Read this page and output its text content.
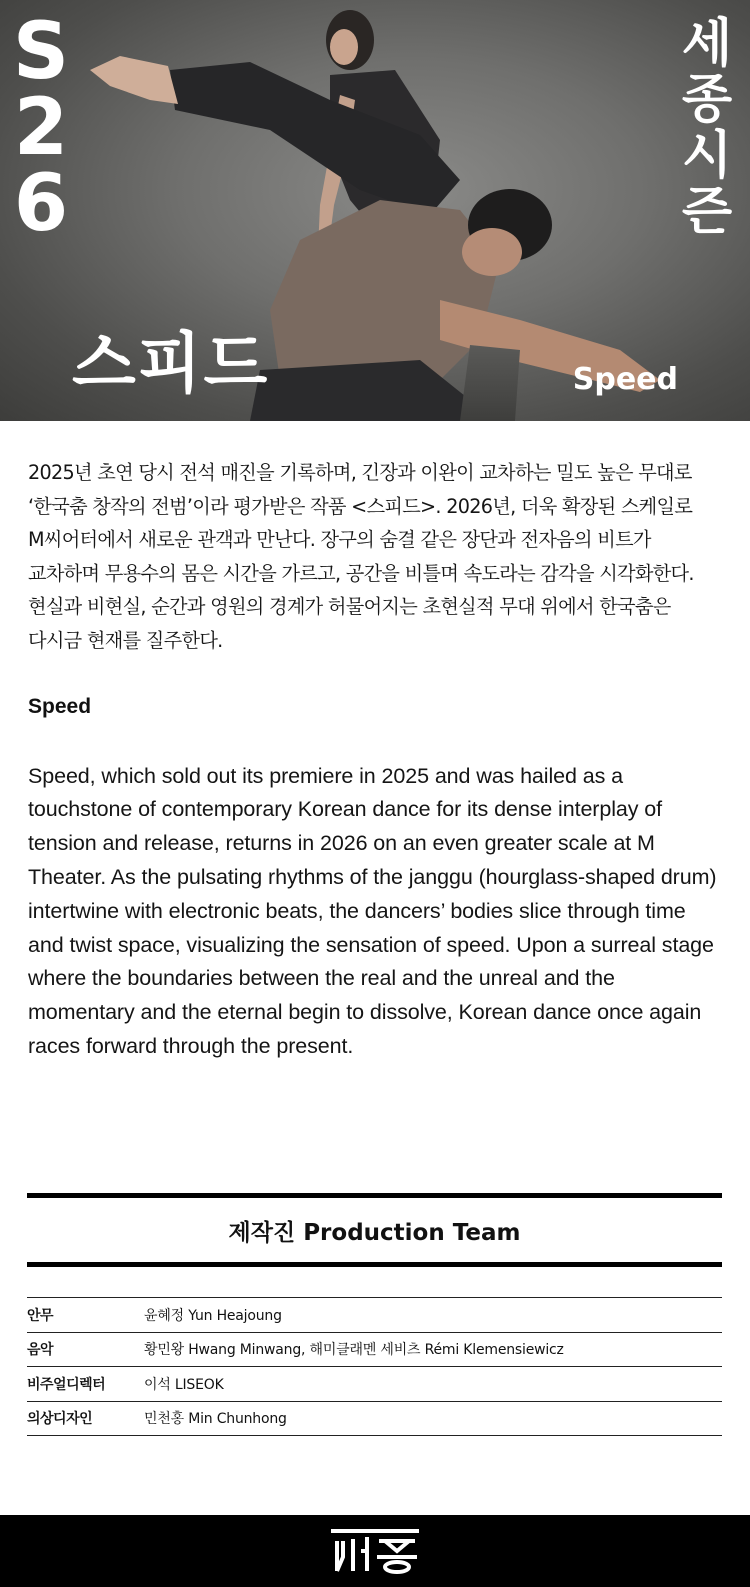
S
2
6
세
종
시
즌
스피드	Speed

2025년 초연 당시 전석 매진을 기록하며, 긴장과 이완이 교차하는 밀도 높은 무대로 ‘한국춤 창작의 전범’이라 평가받은 작품 <스피드>. 2026년, 더욱 확장된 스케일로 M씨어터에서 새로운 관객과 만난다. 장구의 숨결 같은 장단과 전자음의 비트가 교차하며 무용수의 몸은 시간을 가르고, 공간을 비틀며 속도라는 감각을 시각화한다. 현실과 비현실, 순간과 영원의 경계가 허물어지는 초현실적 무대 위에서 한국춤은 다시금 현재를 질주한다.

Speed

Speed, which sold out its premiere in 2025 and was hailed as a touchstone of contemporary Korean dance for its dense interplay of tension and release, returns in 2026 on an even greater scale at M Theater. As the pulsating rhythms of the janggu (hourglass-shaped drum) intertwine with electronic beats, the dancers’ bodies slice through time and twist space, visualizing the sensation of speed. Upon a surreal stage where the boundaries between the real and the unreal and the momentary and the eternal begin to dissolve, Korean dance once again races forward through the present.

제작진 Production Team
안무	윤혜정 Yun Heajoung
음악	황민왕 Hwang Minwang, 해미클래멘 세비츠 Rémi Klemensiewicz
비주얼디렉터	이석 LISEOK
의상디자인	민천홍 Min Chunhong
